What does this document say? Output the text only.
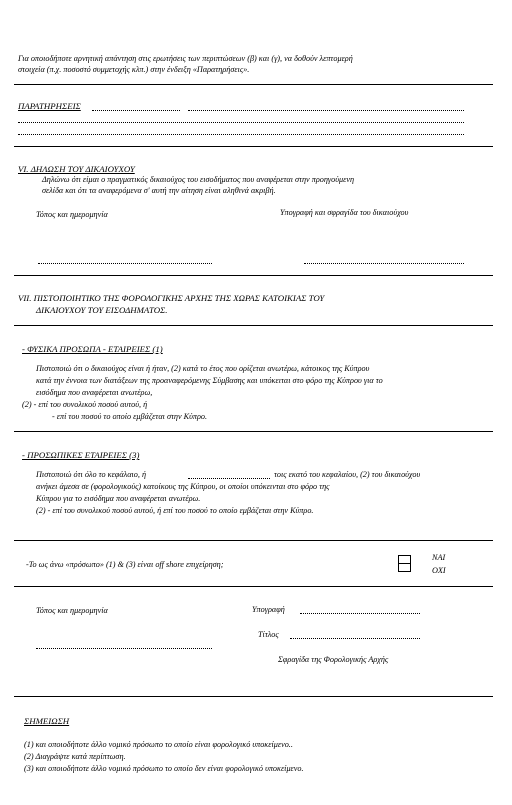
Για οποιοδήποτε αρνητική απάντηση στις ερωτήσεις των περιπτώσεων (β) και (γ), να δοθούν λεπτομερή
στοιχεία (π.χ. ποσοστό συμμετοχής κλπ.) στην ένδειξη «Παρατηρήσεις».
ΠΑΡΑΤΗΡΗΣΕΙΣ
VI. ΔΗΛΩΣΗ ΤΟΥ ΔΙΚΑΙΟΥΧΟΥ
Δηλώνω ότι είμαι ο πραγματικός δικαιούχος του εισοδήματος που αναφέρεται στην προηγούμενη
σελίδα και ότι τα αναφερόμενα σ' αυτή την αίτηση είναι αληθινά ακριβή.
Τόπος και ημερομηνία	Υπογραφή και σφραγίδα του δικαιούχου
VII. ΠΙΣΤΟΠΟΙΗΤΙΚΟ ΤΗΣ ΦΟΡΟΛΟΓΙΚΗΣ ΑΡΧΗΣ ΤΗΣ ΧΩΡΑΣ ΚΑΤΟΙΚΙΑΣ ΤΟΥ
ΔΙΚΑΙΟΥΧΟΥ ΤΟΥ ΕΙΣΟΔΗΜΑΤΟΣ.
- ΦΥΣΙΚΑ ΠΡΟΣΩΠΑ - ΕΤΑΙΡΕΙΕΣ (1)
Πιστοποιώ ότι ο δικαιούχος είναι ή ήταν, (2) κατά το έτος που ορίζεται ανωτέρω, κάτοικος της Κύπρου
κατά την έννοια των διατάξεων της προαναφερόμενης Σύμβασης και υπόκειται στο φόρο της Κύπρου για το
εισόδημα που αναφέρεται ανωτέρω,
(2) - επί του συνολικού ποσού αυτού, ή
- επί του ποσού το οποίο εμβάζεται στην Κύπρο.
- ΠΡΟΣΩΠΙΚΕΣ ΕΤΑΙΡΕΙΕΣ (3)
Πιστοποιώ ότι όλο το κεφάλαιο, ή	τοις εκατό του κεφαλαίου, (2) του δικαιούχου
ανήκει άμεσα σε (φορολογικούς) κατοίκους της Κύπρου, οι οποίοι υπόκεινται στο φόρο της
Κύπρου για το εισόδημα που αναφέρεται ανωτέρω.
(2) - επί του συνολικού ποσού αυτού, ή επί του ποσού το οποίο εμβάζεται στην Κύπρο.
-Το ως άνω «πρόσωπο» (1) & (3) είναι off shore επιχείρηση;
ΝΑΙ
ΟΧΙ
Τόπος και ημερομηνία	Υπογραφή
Τίτλος
Σφραγίδα της Φορολογικής Αρχής
ΣΗΜΕΙΩΣΗ
(1) και οποιοδήποτε άλλο νομικό πρόσωπο το οποίο είναι φορολογικό υποκείμενο..
(2) Διαγράψτε κατά περίπτωση.
(3) και οποιοδήποτε άλλο νομικό πρόσωπο το οποίο δεν είναι φορολογικό υποκείμενο.
